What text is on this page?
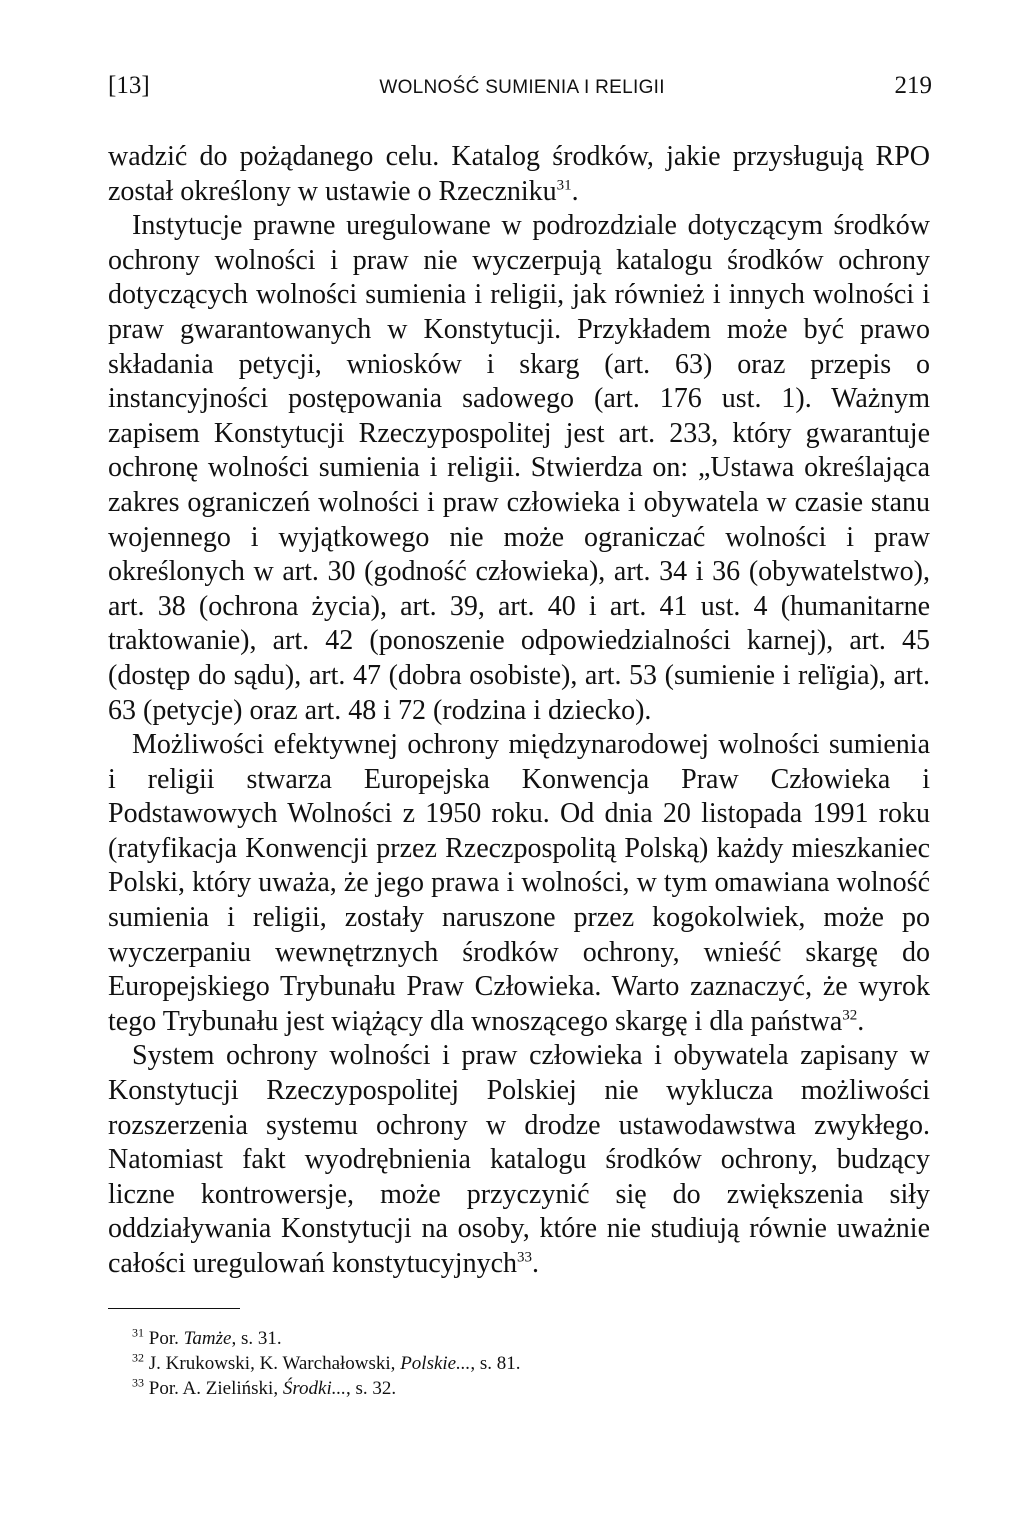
[13]	WOLNOŚĆ SUMIENIA I RELIGII	219

wadzić do pożądanego celu. Katalog środków, jakie przysługują RPO został określony w ustawie o Rzeczniku$^{31}$.

Instytucje prawne uregulowane w podrozdziale dotyczącym środków ochrony wolności i praw nie wyczerpują katalogu środków ochrony dotyczących wolności sumienia i religii, jak również i innych wolności i praw gwarantowanych w Konstytucji. Przykładem może być prawo składania petycji, wniosków i skarg (art. 63) oraz przepis o instancyjności postępowania sadowego (art. 176 ust. 1). Ważnym zapisem Konstytucji Rzeczypospolitej jest art. 233, który gwarantuje ochronę wolności sumienia i religii. Stwierdza on: „Ustawa określająca zakres ograniczeń wolności i praw człowieka i obywatela w czasie stanu wojennego i wyjątkowego nie może ograniczać wolności i praw określonych w art. 30 (godność człowieka), art. 34 i 36 (obywatelstwo), art. 38 (ochrona życia), art. 39, art. 40 i art. 41 ust. 4 (humanitarne traktowanie), art. 42 (ponoszenie odpowiedzialności karnej), art. 45 (dostęp do sądu), art. 47 (dobra osobiste), art. 53 (sumienie i relïgia), art. 63 (petycje) oraz art. 48 i 72 (rodzina i dziecko).

Możliwości efektywnej ochrony międzynarodowej wolności sumienia i religii stwarza Europejska Konwencja Praw Człowieka i Podstawowych Wolności z 1950 roku. Od dnia 20 listopada 1991 roku (ratyfikacja Konwencji przez Rzeczpospolitą Polską) każdy mieszkaniec Polski, który uważa, że jego prawa i wolności, w tym omawiana wolność sumienia i religii, zostały naruszone przez kogokolwiek, może po wyczerpaniu wewnętrznych środków ochrony, wnieść skargę do Europejskiego Trybunału Praw Człowieka. Warto zaznaczyć, że wyrok tego Trybunału jest wiążący dla wnoszącego skargę i dla państwa$^{32}$.

System ochrony wolności i praw człowieka i obywatela zapisany w Konstytucji Rzeczypospolitej Polskiej nie wyklucza możliwości rozszerzenia systemu ochrony w drodze ustawodawstwa zwykłego. Natomiast fakt wyodrębnienia katalogu środków ochrony, budzący liczne kontrowersje, może przyczynić się do zwiększenia siły oddziaływania Konstytucji na osoby, które nie studiują równie uważnie całości uregulowań konstytucyjnych$^{33}$.

$^{31}$ Por. Tamże, s. 31.
$^{32}$ J. Krukowski, K. Warchałowski, Polskie..., s. 81.
$^{33}$ Por. A. Zieliński, Środki..., s. 32.
